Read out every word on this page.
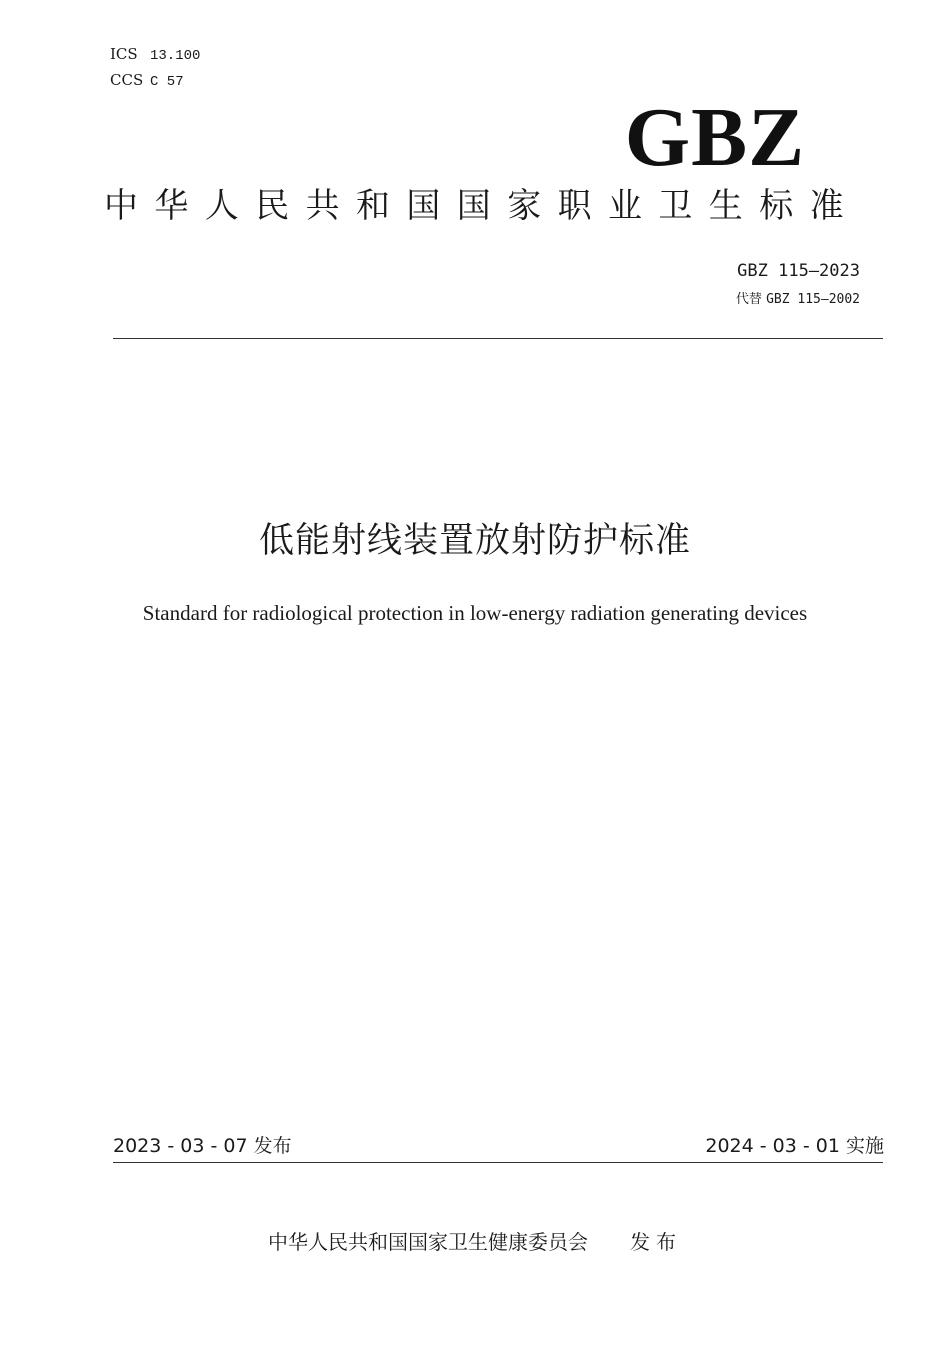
ICS 13.100
CCS C 57
GBZ
中华人民共和国国家职业卫生标准
GBZ 115—2023
代替 GBZ 115—2002
低能射线装置放射防护标准
Standard for radiological protection in low-energy radiation generating devices
2023 - 03 - 07 发布	2024 - 03 - 01 实施
中华人民共和国国家卫生健康委员会 发布
